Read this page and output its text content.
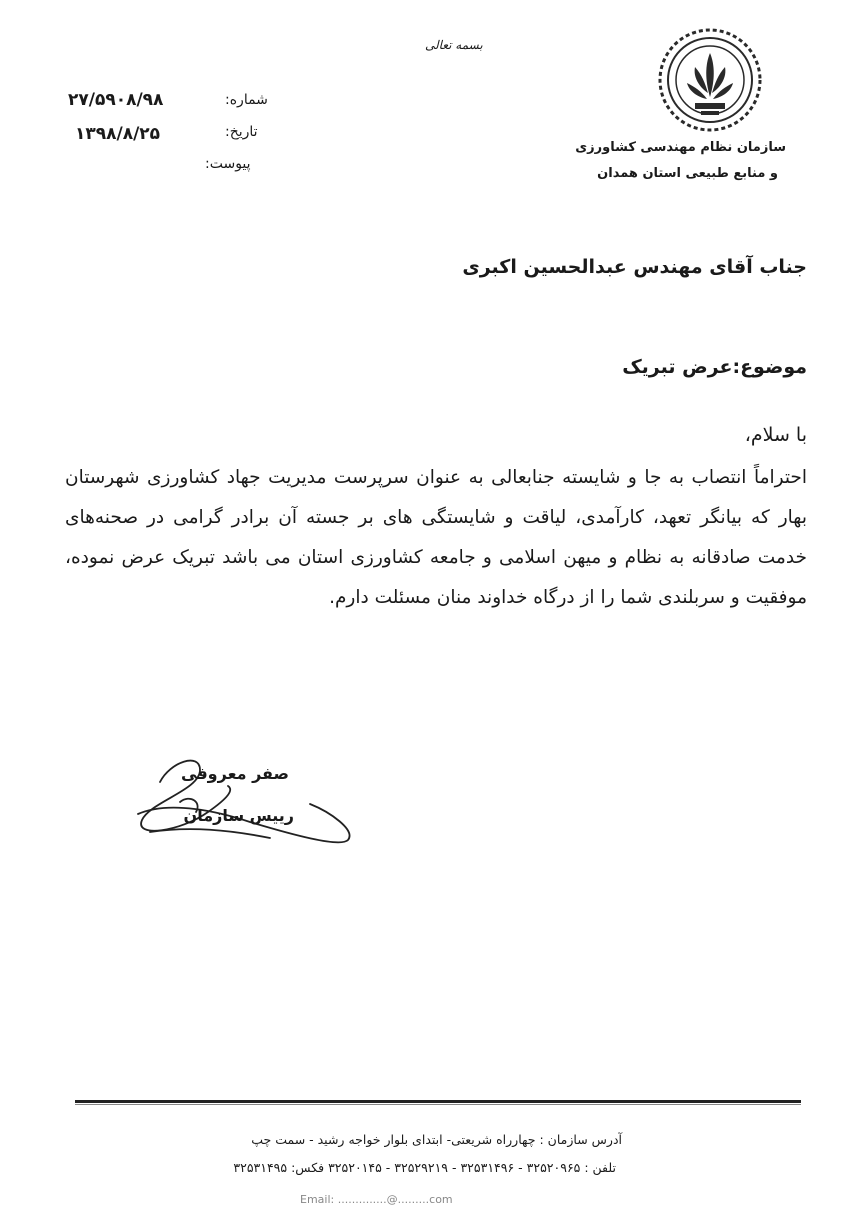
بسمه تعالی
سازمان نظام مهندسی کشاورزی
و منابع طبیعی استان همدان
شماره:
۲۷/۵۹۰۸/۹۸
تاریخ:
۱۳۹۸/۸/۲۵
پیوست:
جناب آقای مهندس عبدالحسین اکبری
موضوع:عرض تبریک
با سلام،
احتراماً انتصاب به جا و شایسته جنابعالی به عنوان سرپرست مدیریت جهاد کشاورزی شهرستان بهار که بیانگر تعهد، کارآمدی، لیاقت و شایستگی های بر جسته آن برادر گرامی در صحنه‌های خدمت صادقانه به نظام و میهن اسلامی و جامعه کشاورزی استان می باشد تبریک عرض نموده، موفقیت و سربلندی شما را از درگاه خداوند منان مسئلت دارم.
صفر معروفی
رییس سازمان
آدرس سازمان : چهارراه شریعتی- ابتدای بلوار خواجه رشید - سمت چپ
تلفن : ۳۲۵۲۰۹۶۵ - ۳۲۵۳۱۴۹۶ - ۳۲۵۲۹۲۱۹ - ۳۲۵۲۰۱۴۵ فکس: ۳۲۵۳۱۴۹۵
Email: ..............@.........com
